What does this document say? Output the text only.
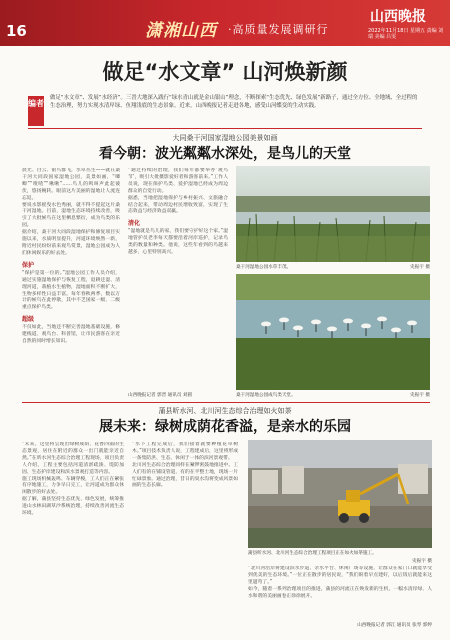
16	潇湘山西 ·高质量发展调研行
山西晚报
2022年11月18日 星期五 责编 刘瑞 美编 吕雯
做足“水文章” 山河焕新颜
编者
做足“水文章”、发展“水经济”。三晋大地深入践行“绿水青山就是金山银山”理念，不断探索“生态优先、绿色发展”新路子，通过全方位、全地域、全过程的生态治理，努力实现水清岸绿、鱼翔浅底的生态景象。近来，山西晚报记者走进各地，感受山河蝶变的生动实践。
大同桑干河国家湿地公园美景如画
看今朝：波光粼粼水深处，是鸟儿的天堂
晨光、白云、银鸟群飞，水草丛生——就在桑干河大同段国家湿地公园，美景如画，“唧唧”“喳喳”“啾啾”……鸟儿的鸣叫声此起彼伏，悠扬婉转。眼前这片美丽的湿地让人流连忘返。
要说水影摇曳水色秀丽，就不得不提起这片桑干河湿地。目前，湿地生态环境持续改善，吸引了大批候鸟在这里栖息繁衍，成为鸟类的乐园。
据介绍，桑干河大同段湿地保护和修复项目实施以来，水质明显提升，河道环境焕然一新，附近村民纷纷前来观鸟赏景，湿地公园成为人们休闲娱乐的好去处。
保护
“保护是第一位的。”湿地公园工作人员介绍，通过实施湿地保护与恢复工程，退耕还湿、清理河道，栽植水生植物，湿地面积不断扩大，生物多样性日益丰富。每年春秋两季，数以万计的候鸟在此停歇，其中不乏国家一级、二级重点保护鸟类。
超级
不仅如此，当地还不断完善湿地基础设施，修建栈道、观鸟台、科普馆，让市民游客在亲近自然的同时增长知识。
“通过持续的治理，我们每年都要举办‘观鸟节’，吸引大批摄影爱好者和游客前来。”工作人员说，现在保护鸟类、爱护湿地已经成为周边群众的自觉行动。
据悉，当地把湿地保护与乡村振兴、文旅融合结合起来，带动周边村民增收致富，实现了生态效益与经济效益双赢。
清化
“湿地就是鸟儿的家，我们要守护好这个家。”湿地管护员老李每天都要沿着河岸巡护，记录鸟类的数量和种类。他说，这些年看到的鸟越来越多，心里特别高兴。
桑干河湿地公园水草丰茂。	史振宇 摄
桑干河湿地公园成鸟类天堂。	史振宇 摄
山西晚报记者 郭晋 通讯员 刘圆
蒲县昕水河、北川河生态综合治理如火如荼
展未来：绿树成荫花香溢，是亲水的乐园
“未来，这里将呈现出绿树成荫、花香四溢的生态景观，居住在附近的群众一出门就能亲近自然。”在昕水河生态综合治理工程现场，项目负责人介绍，工程主要包括河道清淤疏浚、堤防加固、生态护岸建设和滨水景观打造等内容。
施工现场机械轰鸣、车辆穿梭，工人们正在紧张有序地施工，力争早日完工，让河道成为群众休闲散步的好去处。
据了解，蒲县坚持生态优先、绿色发展，统筹推进山水林田湖草沙系统治理，持续改善河流生态环境。
“水下工程完成后，我们接着就要种植花草树木。”项目技术负责人说，工程建成后，这里将形成一条集防洪、生态、休闲于一体的滨河景观带。
北川河生态综合治理同样在紧锣密鼓地推进中。工人们有的在铺设管道，有的在平整土地，现场一片忙碌景象。通过治理，昔日的臭水沟将变成风景如画的生态长廊。
蒲县昕水河、北川河生态综合治理工程项目正在如火如荼施工。
史振宇 摄
“北川河沿岸将建设滨水步道、亲水平台、休闲广场等设施，让群众在家门口就能享受到优美的生态环境。”一位正在散步的居民说，“我们盼着早点建好，以后饭后就能来这里遛弯了。”
如今，随着一系列治理项目的推进，蒲县的河流正在焕发新的生机，一幅水清岸绿、人水和谐的美丽画卷正徐徐展开。
山西晚报记者 郭江 通讯员 张琴 郭婷
